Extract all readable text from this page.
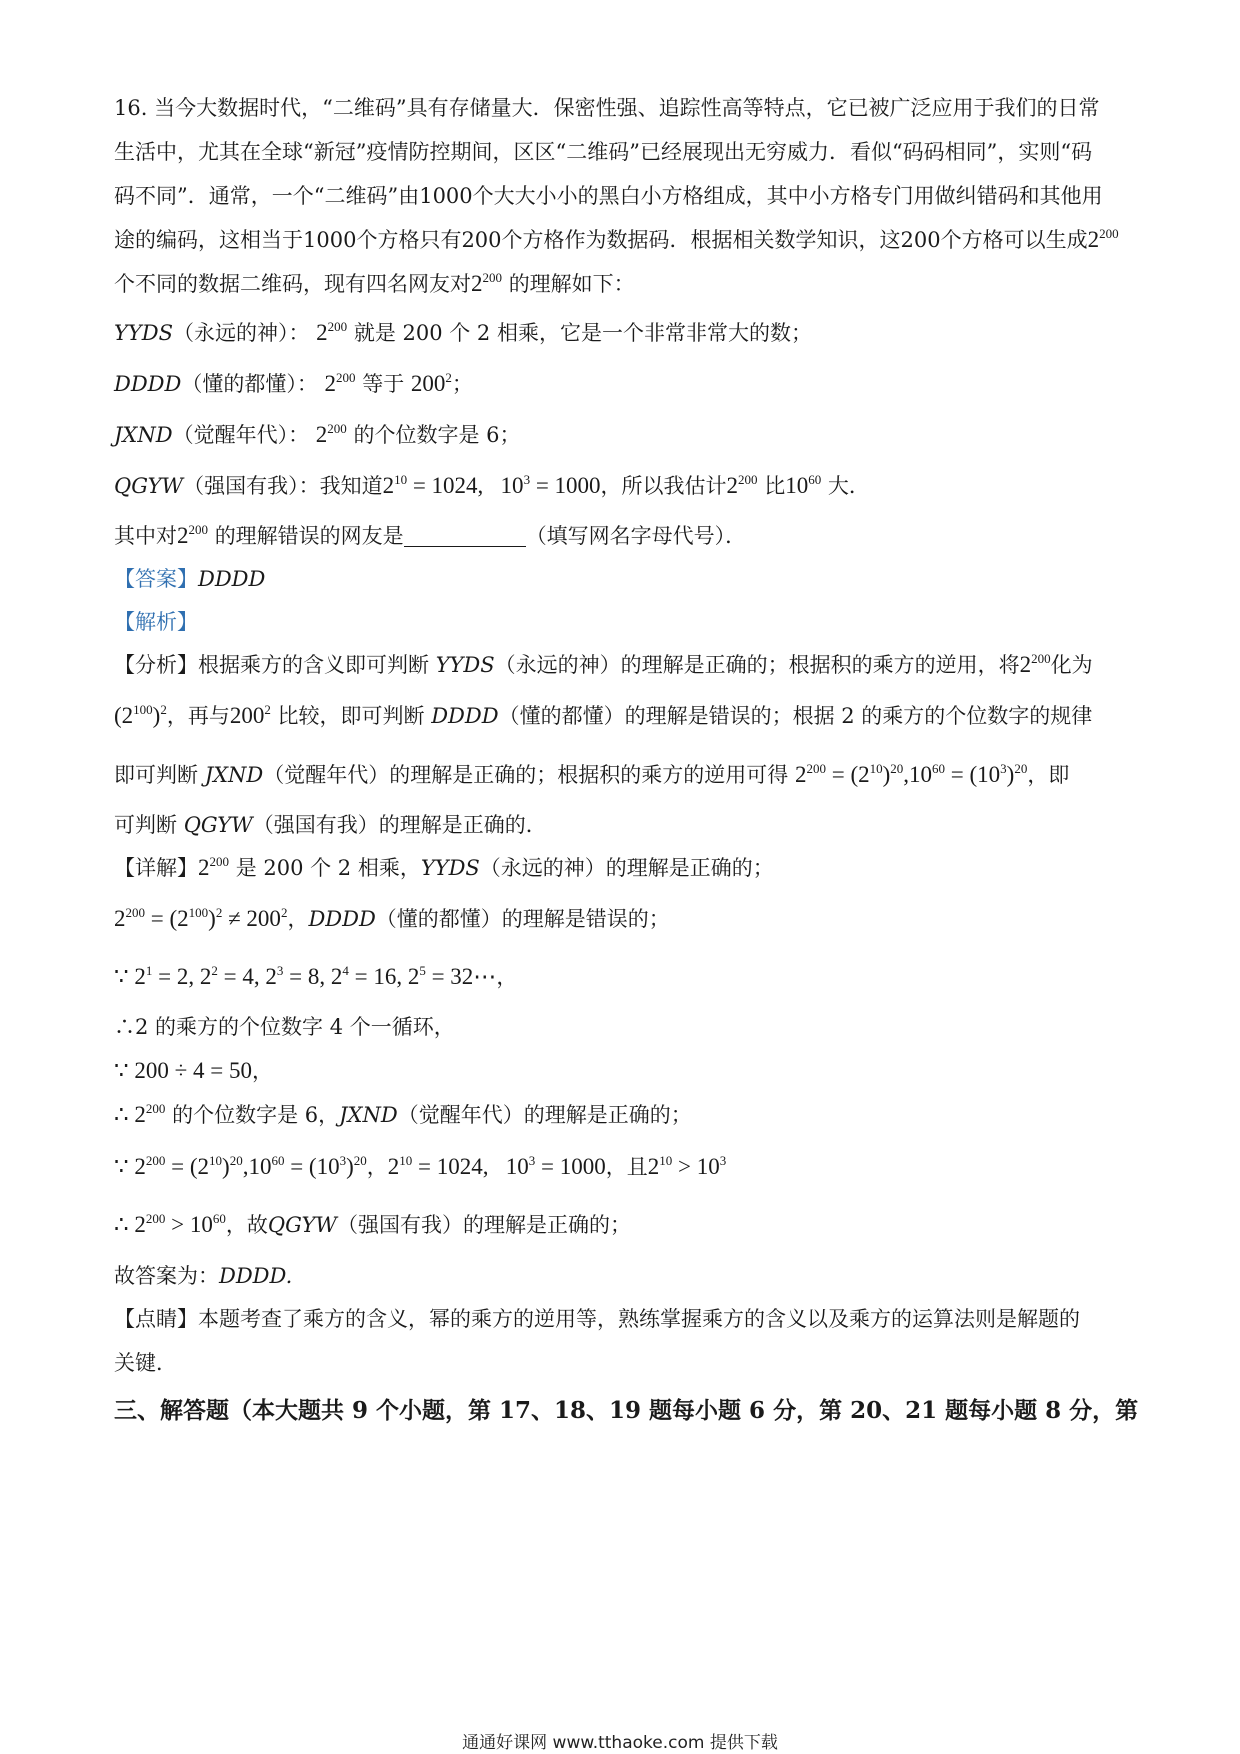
16. 当今大数据时代，“二维码”具有存储量大．保密性强、追踪性高等特点，它已被广泛应用于我们的日常
生活中，尤其在全球“新冠”疫情防控期间，区区“二维码”已经展现出无穷威力．看似“码码相同”，实则“码
码不同”．通常，一个“二维码”由1000个大大小小的黑白小方格组成，其中小方格专门用做纠错码和其他用
途的编码，这相当于1000个方格只有200个方格作为数据码．根据相关数学知识，这200个方格可以生成$2^{200}$
个不同的数据二维码，现有四名网友对$2^{200}$ 的理解如下：
YYDS（永远的神）： $2^{200}$ 就是 200 个 2 相乘，它是一个非常非常大的数；
DDDD（懂的都懂）： $2^{200}$ 等于 $200^2$；
JXND（觉醒年代）： $2^{200}$ 的个位数字是 6；
QGYW（强国有我）：我知道$2^{10} = 1024$,   $10^3 = 1000$，所以我估计$2^{200}$ 比$10^{60}$ 大．
其中对$2^{200}$ 的理解错误的网友是	（填写网名字母代号）．
【答案】DDDD
【解析】
【分析】根据乘方的含义即可判断 YYDS（永远的神）的理解是正确的；根据积的乘方的逆用，将$2^{200}$化为
$(2^{100})^2$，再与$200^2$ 比较，即可判断 DDDD（懂的都懂）的理解是错误的；根据 2 的乘方的个位数字的规律
即可判断 JXND（觉醒年代）的理解是正确的；根据积的乘方的逆用可得 $2^{200} = (2^{10})^{20},10^{60} = (10^3)^{20}$，即
可判断 QGYW（强国有我）的理解是正确的．
【详解】$2^{200}$ 是 200 个 2 相乘，YYDS（永远的神）的理解是正确的；
$2^{200} = (2^{100})^2 \ne 200^2$，DDDD（懂的都懂）的理解是错误的；
∵ $2^1 = 2$, $2^2 = 4$, $2^3 = 8$, $2^4 = 16$, $2^5$ = 32⋯，
∴2 的乘方的个位数字 4 个一循环，
∵ 200 ÷ 4 = 50，
∴ $2^{200}$ 的个位数字是 6，JXND（觉醒年代）的理解是正确的；
∵ $2^{200} = (2^{10})^{20},10^{60} = (10^3)^{20}$，$2^{10} = 1024$,   $10^3 = 1000$，且$2^{10} > 10^3$
∴ $2^{200} > 10^{60}$，故QGYW（强国有我）的理解是正确的；
故答案为：DDDD.
【点睛】本题考查了乘方的含义，幂的乘方的逆用等，熟练掌握乘方的含义以及乘方的运算法则是解题的
关键．
三、解答题（本大题共 9 个小题，第 17、18、19 题每小题 6 分，第 20、21 题每小题 8 分，第
通通好课网 www.tthaoke.com 提供下载
